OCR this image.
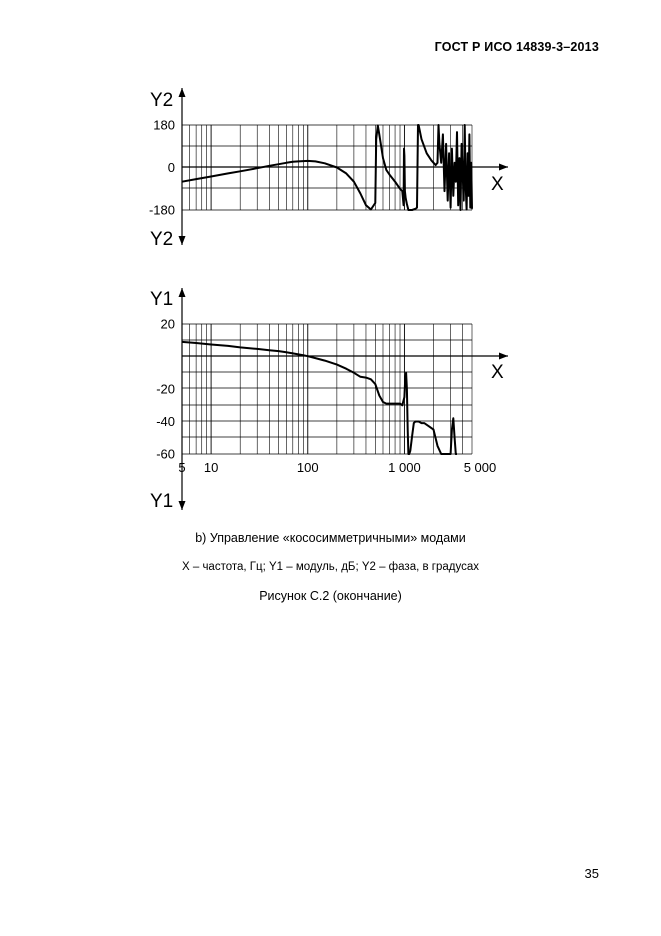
ГОСТ Р ИСО 14839-3–2013
180
0
-180
Y2
Y2
X
20
-20
-40
-60
5 10	100	1 000	5 000
Y1
Y1
X
b) Управление «кососимметричными» модами
X – частота, Гц; Y1 – модуль, дБ; Y2 – фаза, в градусах
Рисунок С.2 (окончание)
35
